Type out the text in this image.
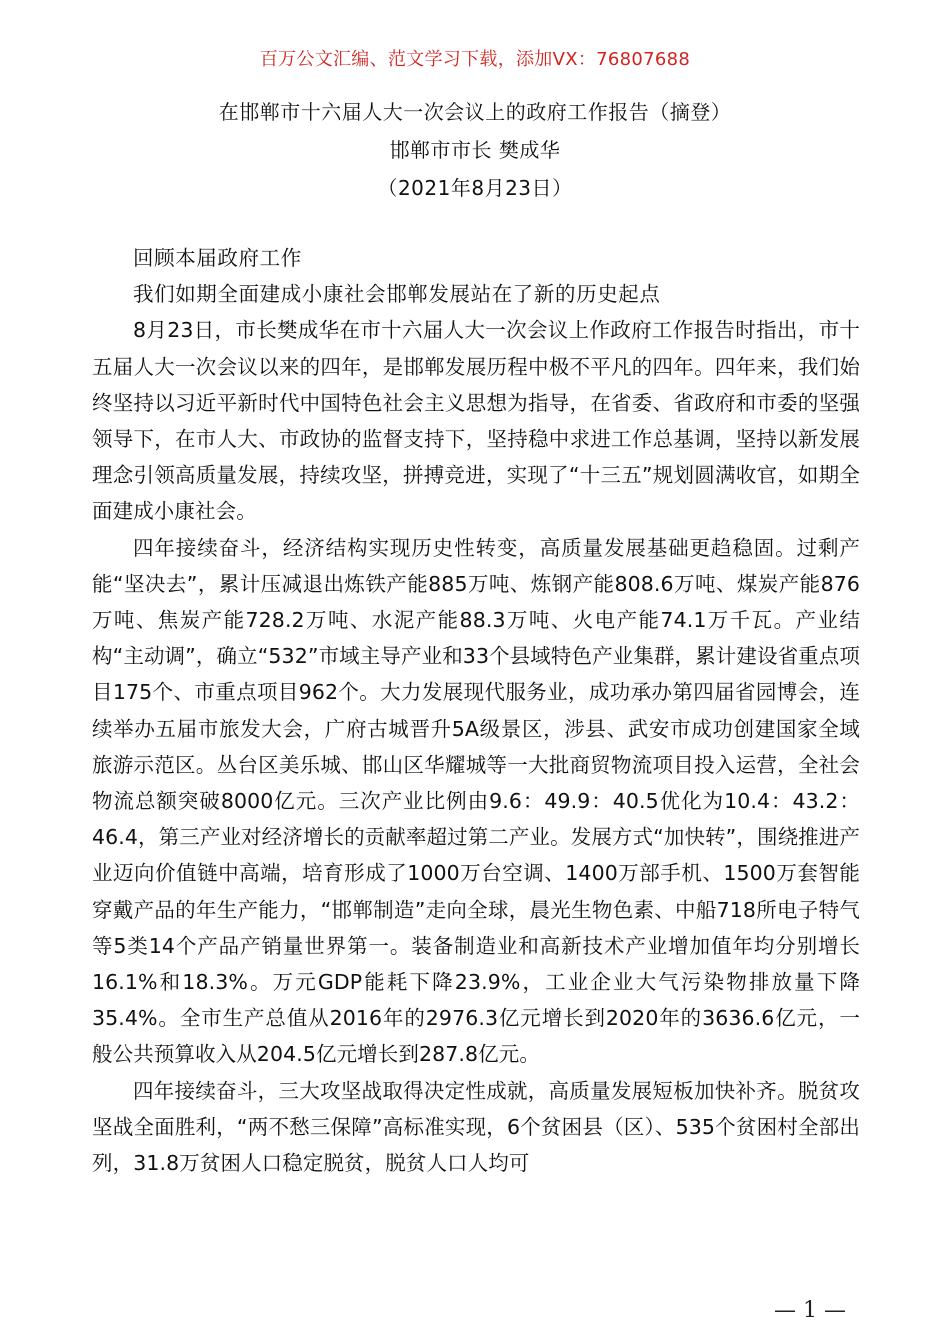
百万公文汇编、范文学习下载，添加VX：76807688
在邯郸市十六届人大一次会议上的政府工作报告（摘登）
邯郸市市长 樊成华
（2021年8月23日）

回顾本届政府工作

我们如期全面建成小康社会邯郸发展站在了新的历史起点

8月23日，市长樊成华在市十六届人大一次会议上作政府工作报告时指出，市十五届人大一次会议以来的四年，是邯郸发展历程中极不平凡的四年。四年来，我们始终坚持以习近平新时代中国特色社会主义思想为指导，在省委、省政府和市委的坚强领导下，在市人大、市政协的监督支持下，坚持稳中求进工作总基调，坚持以新发展理念引领高质量发展，持续攻坚，拼搏竞进，实现了“十三五”规划圆满收官，如期全面建成小康社会。

四年接续奋斗，经济结构实现历史性转变，高质量发展基础更趋稳固。过剩产能“坚决去”，累计压减退出炼铁产能885万吨、炼钢产能808.6万吨、煤炭产能876万吨、焦炭产能728.2万吨、水泥产能88.3万吨、火电产能74.1万千瓦。产业结构“主动调”，确立“532”市域主导产业和33个县域特色产业集群，累计建设省重点项目175个、市重点项目962个。大力发展现代服务业，成功承办第四届省园博会，连续举办五届市旅发大会，广府古城晋升5A级景区，涉县、武安市成功创建国家全域旅游示范区。丛台区美乐城、邯山区华耀城等一大批商贸物流项目投入运营，全社会物流总额突破8000亿元。三次产业比例由9.6：49.9：40.5优化为10.4：43.2：46.4，第三产业对经济增长的贡献率超过第二产业。发展方式“加快转”，围绕推进产业迈向价值链中高端，培育形成了1000万台空调、1400万部手机、1500万套智能穿戴产品的年生产能力，“邯郸制造”走向全球，晨光生物色素、中船718所电子特气等5类14个产品产销量世界第一。装备制造业和高新技术产业增加值年均分别增长16.1%和18.3%。万元GDP能耗下降23.9%，工业企业大气污染物排放量下降35.4%。全市生产总值从2016年的2976.3亿元增长到2020年的3636.6亿元，一般公共预算收入从204.5亿元增长到287.8亿元。

四年接续奋斗，三大攻坚战取得决定性成就，高质量发展短板加快补齐。脱贫攻坚战全面胜利，“两不愁三保障”高标准实现，6个贫困县（区）、535个贫困村全部出列，31.8万贫困人口稳定脱贫，脱贫人口人均可

— 1 —
